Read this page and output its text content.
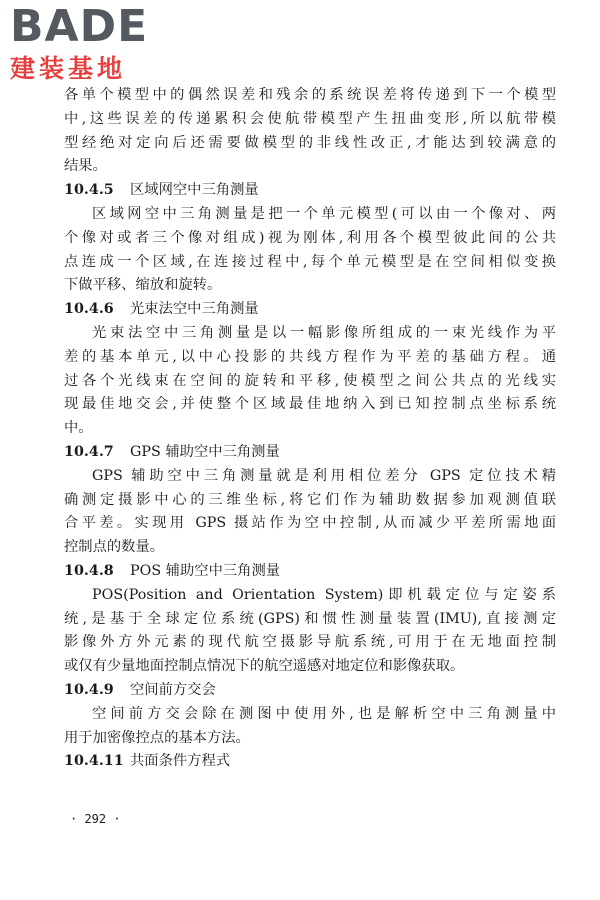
BADE
建装基地
各单个模型中的偶然误差和残余的系统误差将传递到下一个模型
中,这些误差的传递累积会使航带模型产生扭曲变形,所以航带模
型经绝对定向后还需要做模型的非线性改正,才能达到较满意的
结果。
10.4.5 区域网空中三角测量
区域网空中三角测量是把一个单元模型(可以由一个像对、两
个像对或者三个像对组成)视为刚体,利用各个模型彼此间的公共
点连成一个区域,在连接过程中,每个单元模型是在空间相似变换
下做平移、缩放和旋转。
10.4.6 光束法空中三角测量
光束法空中三角测量是以一幅影像所组成的一束光线作为平
差的基本单元,以中心投影的共线方程作为平差的基础方程。通
过各个光线束在空间的旋转和平移,使模型之间公共点的光线实
现最佳地交会,并使整个区域最佳地纳入到已知控制点坐标系统
中。
10.4.7 GPS 辅助空中三角测量
GPS 辅助空中三角测量就是利用相位差分 GPS 定位技术精
确测定摄影中心的三维坐标,将它们作为辅助数据参加观测值联
合平差。实现用 GPS 摄站作为空中控制,从而减少平差所需地面
控制点的数量。
10.4.8 POS 辅助空中三角测量
POS(Position and Orientation System)即机载定位与定姿系
统,是基于全球定位系统(GPS)和惯性测量装置(IMU),直接测定
影像外方外元素的现代航空摄影导航系统,可用于在无地面控制
或仅有少量地面控制点情况下的航空遥感对地定位和影像获取。
10.4.9 空间前方交会
空间前方交会除在测图中使用外,也是解析空中三角测量中
用于加密像控点的基本方法。
10.4.11 共面条件方程式
· 292 ·
